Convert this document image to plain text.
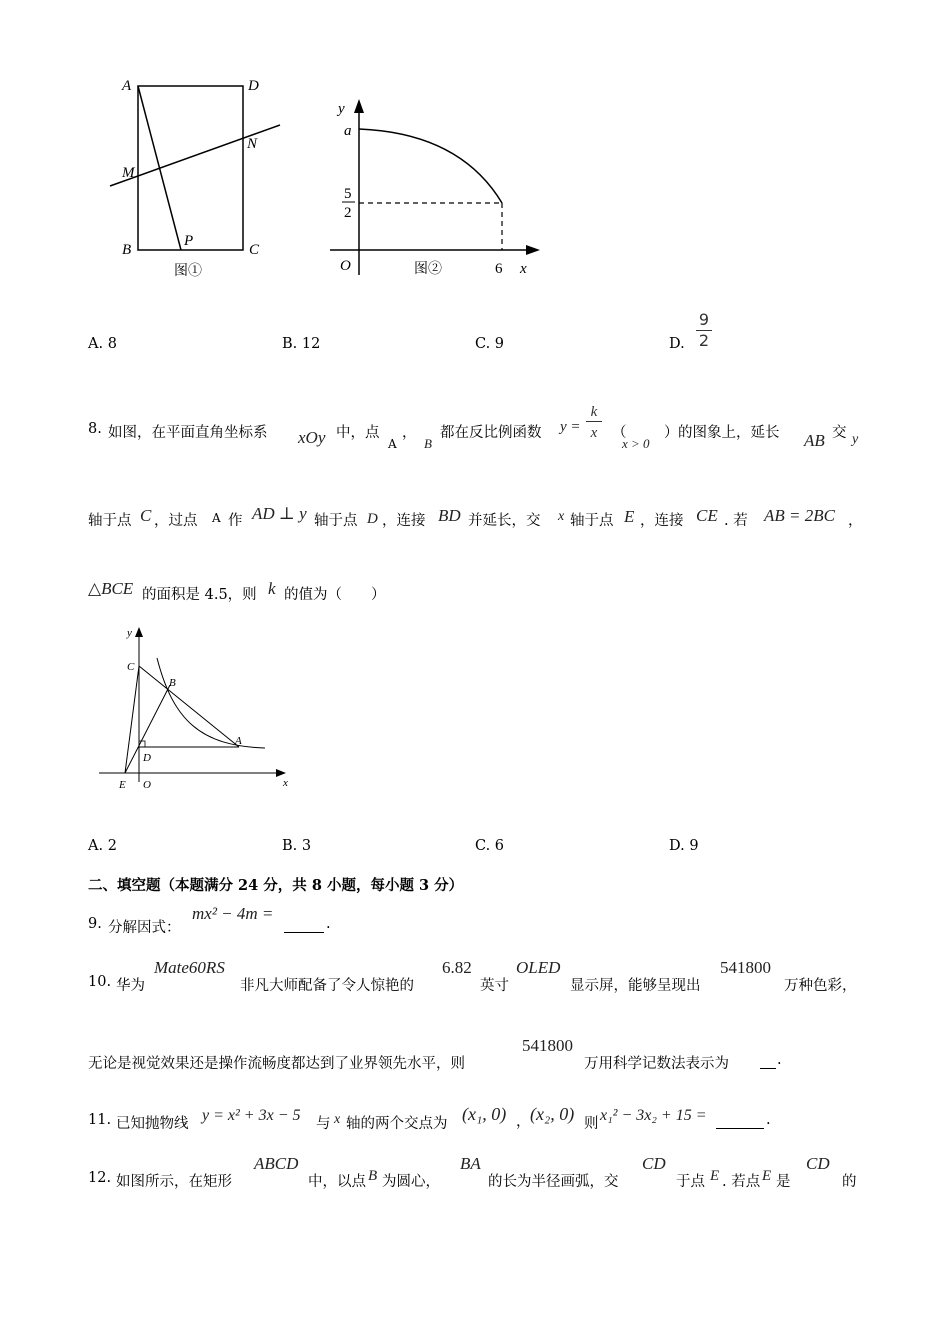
A	D
M
N
B
P
C
图①
y
a
5
2
O	6 x
图②
A. 8	B. 12	C. 9	D.
9
2
8. 如图，在平面直角坐标系 xOy 中，点
A
，
B
都在反比例函数 y =
k
x	（
x > 0
） 的图象上，延长 AB 交 y
轴于点 C ，过点 A 作 AD ⊥ y 轴于点 D ，连接 BD 并延长，交 x 轴于点 E ，连接 CE . 若 AB = 2BC ，
△BCE 的面积是 4.5，则 k 的值为（　　）
y
C
B
D
A
E O	x
A. 2	B. 3	C. 6	D. 9
二、填空题（本题满分 24 分，共 8 小题，每小题 3 分）
9. 分解因式：
mx² − 4m =
.
10. 华为
Mate60RS
非凡大师配备了令人惊艳的
6.82
英寸
OLED
显示屏，能够呈现出
541800
万种色彩，
无论是视觉效果还是操作流畅度都达到了业界领先水平，则
541800
万用科学记数法表示为	.
11. 已知抛物线 y = x² + 3x − 5 与 x 轴的两个交点为 (x₁, 0) ， (x₂, 0) 则 x₁² − 3x₂ + 15 =	.
12. 如图所示，在矩形
ABCD
中，以点 B 为圆心，
BA
的长为半径画弧，交
CD
于点 E . 若点 E 是
CD
的
